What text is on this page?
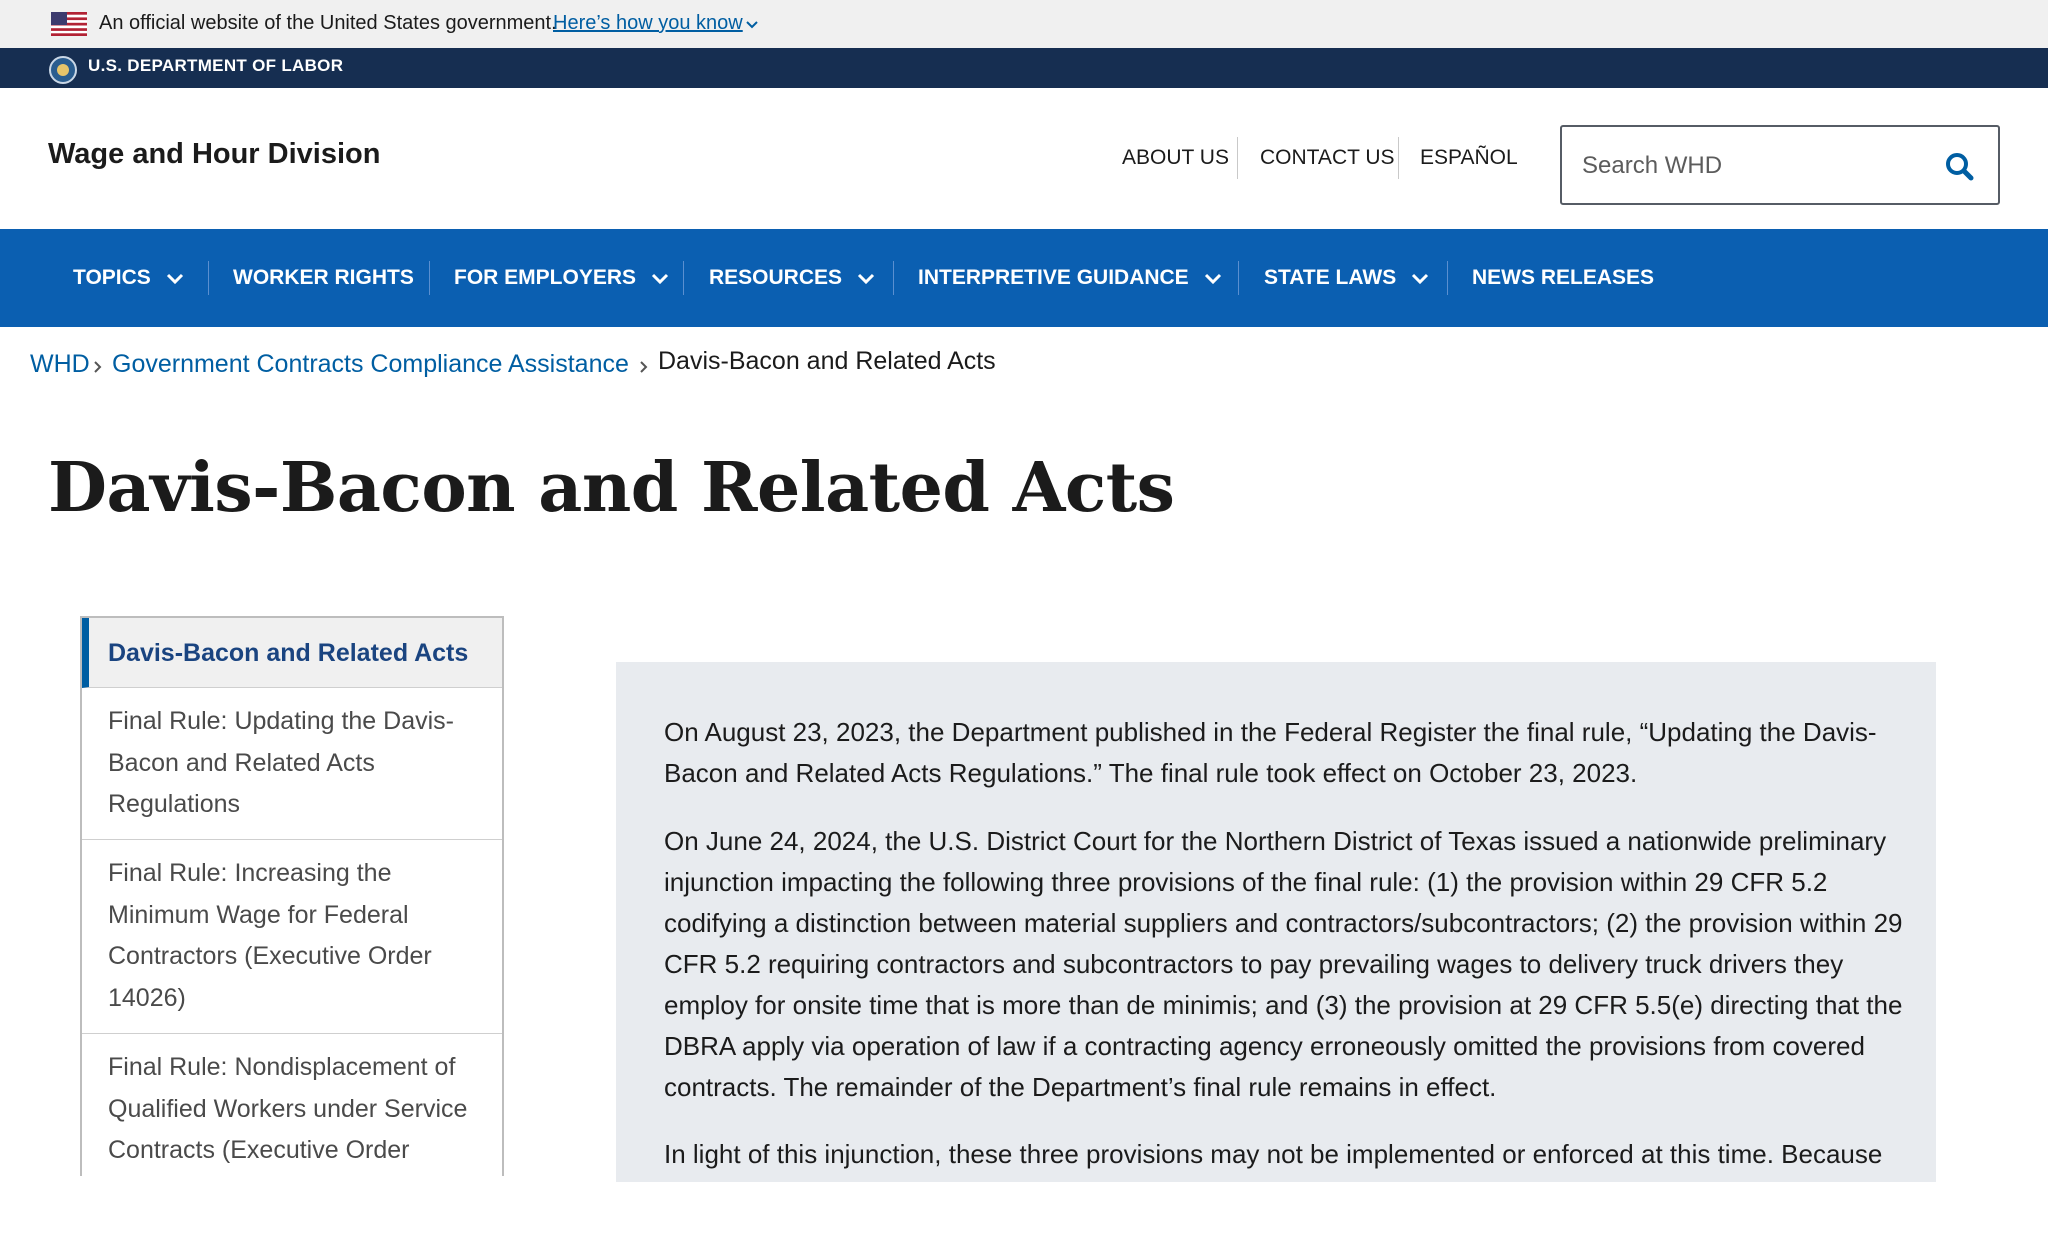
An official website of the United States government.
Here’s how you know
U.S. DEPARTMENT OF LABOR
Wage and Hour Division	ABOUT US CONTACT US ESPAÑOL
Search WHD
TOPICS	WORKER RIGHTS FOR EMPLOYERS	RESOURCES	INTERPRETIVE GUIDANCE	STATE LAWS	NEWS RELEASES
WHD Government Contracts Compliance Assistance Davis-Bacon and Related Acts
Davis-Bacon and Related Acts
Davis-Bacon and Related Acts
Final Rule: Updating the Davis-Bacon and Related Acts Regulations
Final Rule: Increasing the Minimum Wage for Federal Contractors (Executive Order 14026)
Final Rule: Nondisplacement of Qualified Workers under Service Contracts (Executive Order

On August 23, 2023, the Department published in the Federal Register the final rule, “Updating the Davis-Bacon and Related Acts Regulations.” The final rule took effect on October 23, 2023.

On June 24, 2024, the U.S. District Court for the Northern District of Texas issued a nationwide preliminary injunction impacting the following three provisions of the final rule: (1) the provision within 29 CFR 5.2 codifying a distinction between material suppliers and contractors/subcontractors; (2) the provision within 29 CFR 5.2 requiring contractors and subcontractors to pay prevailing wages to delivery truck drivers they employ for onsite time that is more than de minimis; and (3) the provision at 29 CFR 5.5(e) directing that the DBRA apply via operation of law if a contracting agency erroneously omitted the provisions from covered contracts. The remainder of the Department’s final rule remains in effect.

In light of this injunction, these three provisions may not be implemented or enforced at this time. Because
